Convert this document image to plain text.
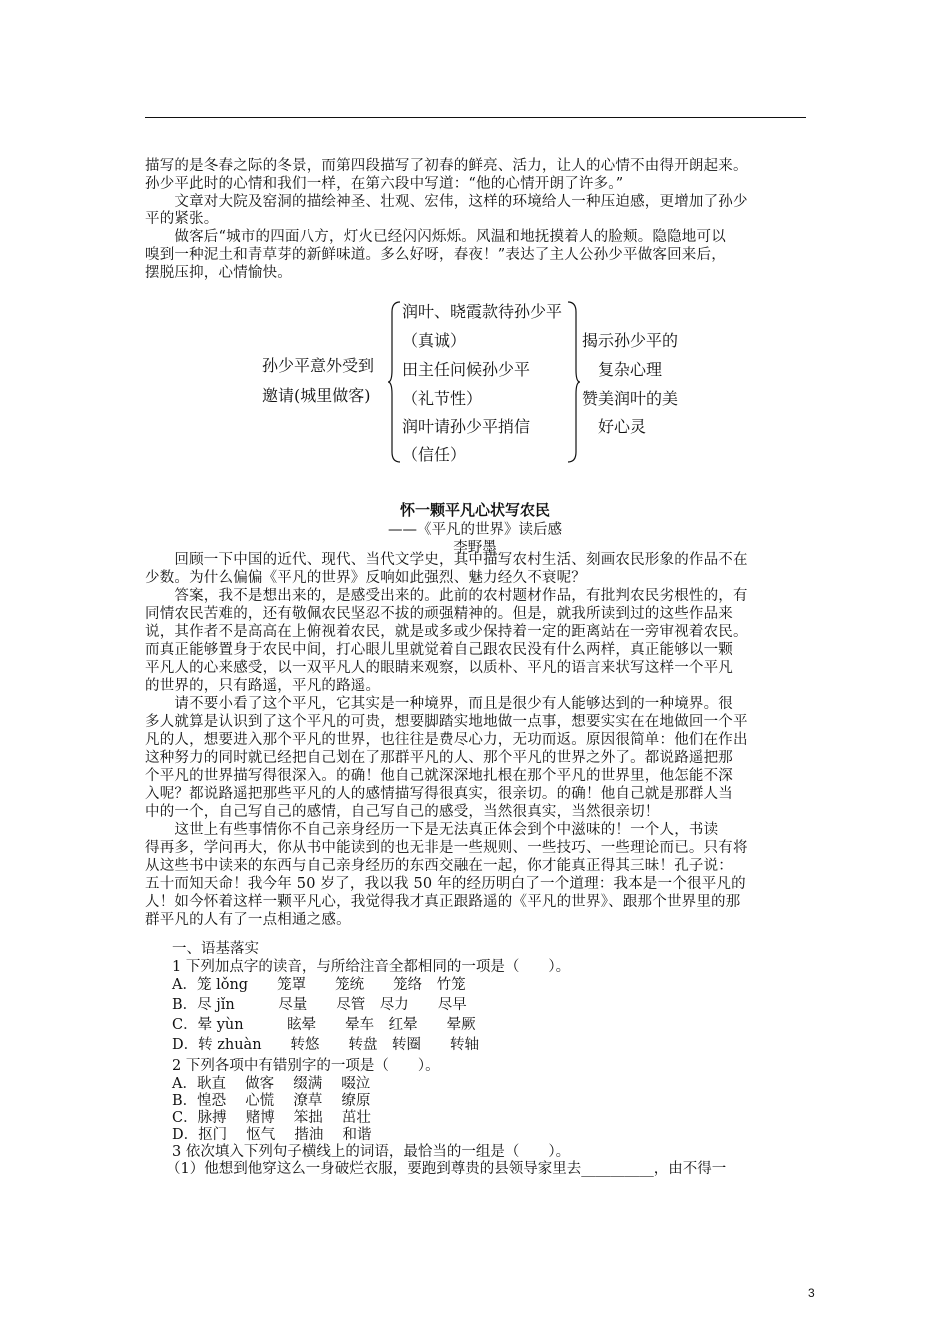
描写的是冬春之际的冬景，而第四段描写了初春的鲜亮、活力，让人的心情不由得开朗起来。
孙少平此时的心情和我们一样，在第六段中写道：“他的心情开朗了许多。”
　　文章对大院及窑洞的描绘神圣、壮观、宏伟，这样的环境给人一种压迫感，更增加了孙少
平的紧张。
　　做客后“城市的四面八方，灯火已经闪闪烁烁。风温和地抚摸着人的脸颊。隐隐地可以
嗅到一种泥土和青草芽的新鲜味道。多么好呀，春夜！”表达了主人公孙少平做客回来后，
摆脱压抑，心情愉快。
孙少平意外受到
邀请(城里做客)
润叶、晓霞款待孙少平
（真诚）
田主任问候孙少平
（礼节性）
润叶请孙少平捎信
（信任）
揭示孙少平的
复杂心理
赞美润叶的美
好心灵
怀一颗平凡心状写农民
——《平凡的世界》读后感
李野墨
　　回顾一下中国的近代、现代、当代文学史，其中描写农村生活、刻画农民形象的作品不在
少数。为什么偏偏《平凡的世界》反响如此强烈、魅力经久不衰呢？
　　答案，我不是想出来的，是感受出来的。此前的农村题材作品，有批判农民劣根性的，有
同情农民苦难的，还有敬佩农民坚忍不拔的顽强精神的。但是，就我所读到过的这些作品来
说，其作者不是高高在上俯视着农民，就是或多或少保持着一定的距离站在一旁审视着农民。
而真正能够置身于农民中间，打心眼儿里就觉着自己跟农民没有什么两样，真正能够以一颗
平凡人的心来感受，以一双平凡人的眼睛来观察，以质朴、平凡的语言来状写这样一个平凡
的世界的，只有路遥，平凡的路遥。
　　请不要小看了这个平凡，它其实是一种境界，而且是很少有人能够达到的一种境界。很
多人就算是认识到了这个平凡的可贵，想要脚踏实地地做一点事，想要实实在在地做回一个平
凡的人，想要进入那个平凡的世界，也往往是费尽心力，无功而返。原因很简单：他们在作出
这种努力的同时就已经把自己划在了那群平凡的人、那个平凡的世界之外了。都说路遥把那
个平凡的世界描写得很深入。的确！他自己就深深地扎根在那个平凡的世界里，他怎能不深
入呢？都说路遥把那些平凡的人的感情描写得很真实，很亲切。的确！他自己就是那群人当
中的一个，自己写自己的感情，自己写自己的感受，当然很真实，当然很亲切！
　　这世上有些事情你不自己亲身经历一下是无法真正体会到个中滋味的！一个人，书读
得再多，学问再大，你从书中能读到的也无非是一些规则、一些技巧、一些理论而已。只有将
从这些书中读来的东西与自己亲身经历的东西交融在一起，你才能真正得其三昧！孔子说：
五十而知天命！我今年 50 岁了，我以我 50 年的经历明白了一个道理：我本是一个很平凡的
人！如今怀着这样一颗平凡心，我觉得我才真正跟路遥的《平凡的世界》、跟那个世界里的那
群平凡的人有了一点相通之感。
一、语基落实
1 下列加点字的读音，与所给注音全都相同的一项是（　　）。
A．笼 lǒng　　笼罩　　笼统　　笼络　竹笼
B．尽 jǐn　　　尽量　　尽管　尽力　　尽早
C．晕 yùn　　　眩晕　　晕车　红晕　　晕厥
D．转 zhuàn　　转悠　　转盘　转圈　　转轴
2 下列各项中有错别字的一项是（　　）。
A．耿直　 做客　 缀满　 啜泣
B．惶恐　 心慌　 潦草　 缭原
C．脉搏　 赌博　 笨拙　 茁壮
D．抠门　 怄气　 揩油　 和谐
3 依次填入下列句子横线上的词语，最恰当的一组是（　　）。
（1）他想到他穿这么一身破烂衣服，要跑到尊贵的县领导家里去__________，由不得一
3
